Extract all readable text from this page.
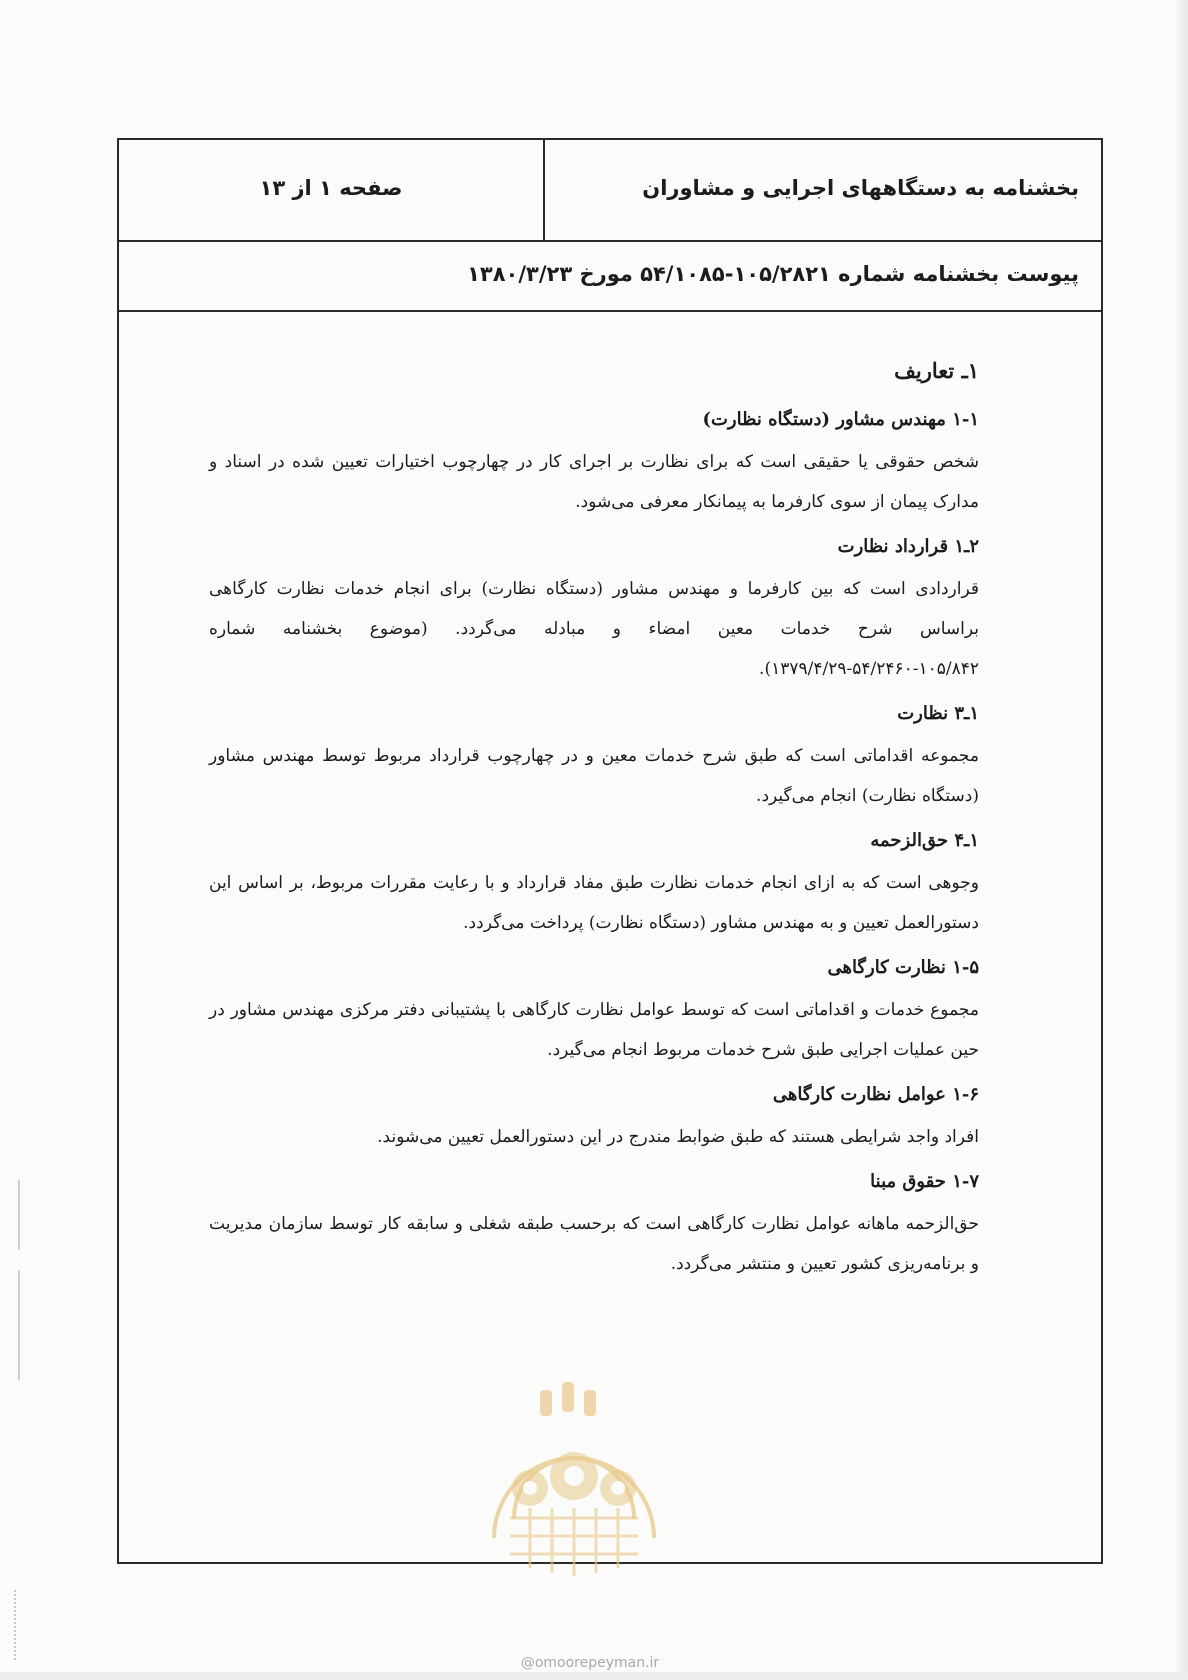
بخشنامه به دستگاههای اجرایی و مشاوران
صفحه ۱ از ۱۳
پیوست بخشنامه شماره ۱۰۵/۲۸۲۱-۵۴/۱۰۸۵ مورخ ۱۳۸۰/۳/۲۳
۱ـ تعاریف
۱-۱ مهندس مشاور (دستگاه نظارت)

شخص حقوقی یا حقیقی است که برای نظارت بر اجرای کار در چهارچوب اختیارات تعیین شده در اسناد و مدارک پیمان از سوی کارفرما به پیمانکار معرفی می‌شود.

۲ـ۱ قرارداد نظارت

قراردادی است که بین کارفرما و مهندس مشاور (دستگاه نظارت) برای انجام خدمات نظارت کارگاهی براساس شرح خدمات معین امضاء و مبادله می‌گردد. (موضوع بخشنامه شماره ۱۰۵/۸۴۲-۵۴/۲۴۶۰-۱۳۷۹/۴/۲۹).

۱ـ۳ نظارت

مجموعه اقداماتی است که طبق شرح خدمات معین و در چهارچوب قرارداد مربوط توسط مهندس مشاور (دستگاه نظارت) انجام می‌گیرد.

۱ـ۴ حق‌الزحمه

وجوهی است که به ازای انجام خدمات نظارت طبق مفاد قرارداد و با رعایت مقررات مربوط، بر اساس این دستورالعمل تعیین و به مهندس مشاور (دستگاه نظارت) پرداخت می‌گردد.

۱-۵ نظارت کارگاهی

مجموع خدمات و اقداماتی است که توسط عوامل نظارت کارگاهی با پشتیبانی دفتر مرکزی مهندس مشاور در حین عملیات اجرایی طبق شرح خدمات مربوط انجام می‌گیرد.

۱-۶ عوامل نظارت کارگاهی

افراد واجد شرایطی هستند که طبق ضوابط مندرج در این دستورالعمل تعیین می‌شوند.

۱-۷ حقوق مبنا

حق‌الزحمه ماهانه عوامل نظارت کارگاهی است که برحسب طبقه شغلی و سابقه کار توسط سازمان مدیریت و برنامه‌ریزی کشور تعیین و منتشر می‌گردد.

@omoorepeyman.ir
